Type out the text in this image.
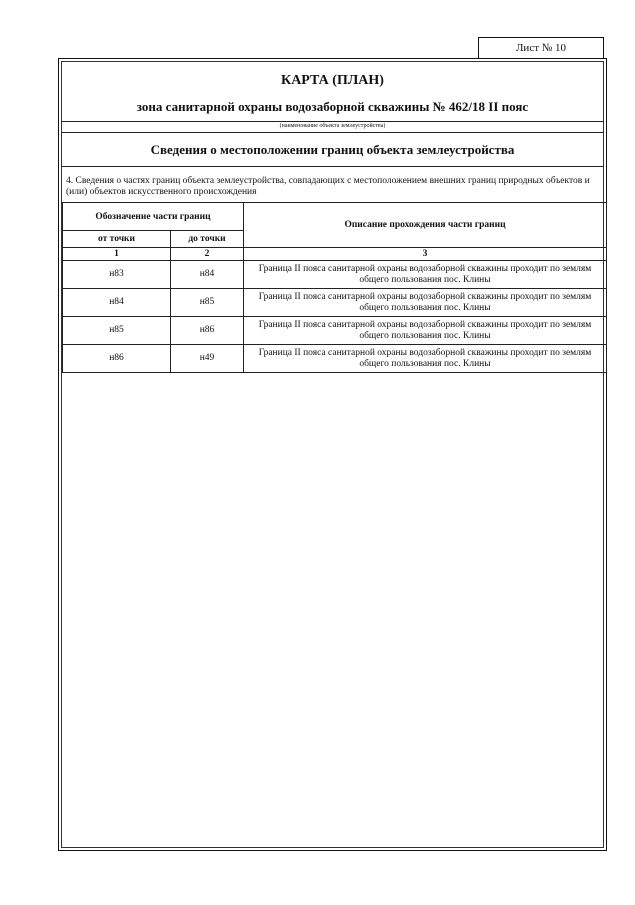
Лист № 10
КАРТА (ПЛАН)
зона санитарной охраны водозаборной скважины № 462/18 II пояс
(наименование объекта землеустройства)
Сведения о местоположении границ объекта землеустройства
4. Сведения о частях границ объекта землеустройства, совпадающих с местоположением внешних границ природных объектов и (или) объектов искусственного происхождения
Обозначение части границ		Описание прохождения части границ
от точки	до точки	
1	2	3
н83	н84	Граница II пояса санитарной охраны водозаборной скважины проходит по землям общего пользования пос. Клины
н84	н85	Граница II пояса санитарной охраны водозаборной скважины проходит по землям общего пользования пос. Клины
н85	н86	Граница II пояса санитарной охраны водозаборной скважины проходит по землям общего пользования пос. Клины
н86	н49	Граница II пояса санитарной охраны водозаборной скважины проходит по землям общего пользования пос. Клины
